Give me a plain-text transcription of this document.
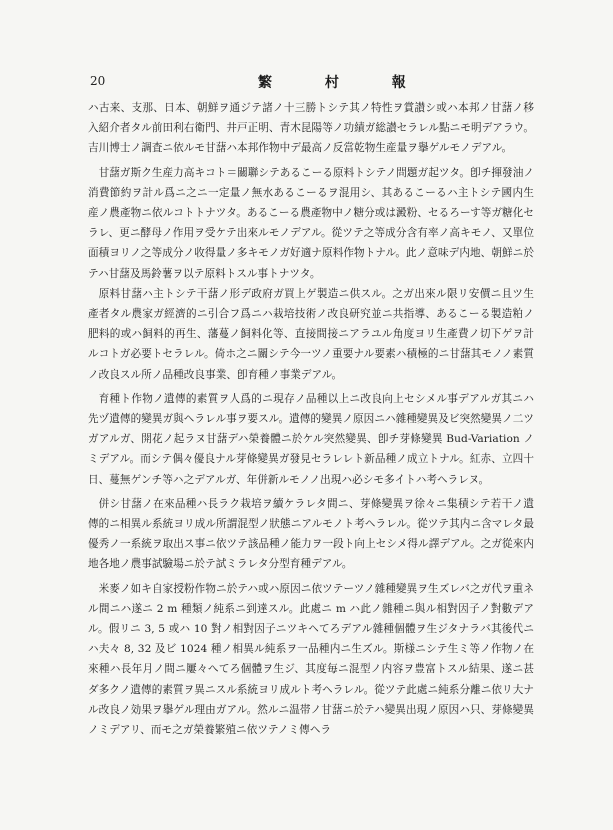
20	繁 村 報

ハ古来、支那、日本、朝鮮ヲ通ジテ諸ノ十三勝トシテ其ノ特性ヲ賞讃シ或ハ本邦ノ甘藷ノ移入紹介者タル前田利右衛門、井戸正明、青木昆陽等ノ功績ガ総讃セラレル點ニモ明デアラウ。吉川博士ノ調査ニ依ルモ甘藷ハ本邦作物中デ最高ノ反當乾物生産量ヲ擧ゲルモノデアル。

甘藷ガ斯ク生産力高キコト＝關聯シテあるこーる原料トシテノ問題ガ起ツタ。卽チ揮發油ノ消費節約ヲ計ル爲ニ之ニ一定量ノ無水あるこーるヲ混用シ、其あるこーるハ主トシテ國内生産ノ農產物ニ依ルコトトナツタ。あるこーる農產物中ノ糖分或は澱粉、セるろーす等ガ糖化セラレ、更ニ酵母ノ作用ヲ受ケテ出來ルモノデアル。從ツテ之等成分含有率ノ高キモノ、又單位面積ヨリノ之等成分ノ收得量ノ多キモノガ好適ナ原料作物トナル。此ノ意味デ内地、朝鮮ニ於テハ甘藷及馬鈴薯ヲ以テ原料トスル事トナツタ。

原料甘藷ハ主トシテ干藷ノ形デ政府ガ買上ゲ製造ニ供スル。之ガ出來ル限リ安價ニ且ツ生產者タル農家ガ經濟的ニ引合フ爲ニハ栽培技術ノ改良研究並ニ共指導、あるこーる製造粕ノ肥料的或ハ飼料的再生、藩蔓ノ飼料化等、直接間接ニアラユル角度ヨリ生產費ノ切下ゲヲ計ルコトガ必要トセラレル。倚ホ之ニ關シテ今一ツノ重要ナル要素ハ積極的ニ甘藷其モノノ素質ノ改良スル所ノ品種改良事業、卽育種ノ事業デアル。

育種ト作物ノ遺傳的素質ヲ人爲的ニ現存ノ品種以上ニ改良向上セシメル事デアルガ其ニハ先ヅ遺傳的變異ガ與ヘラレル事ヲ要スル。遺傳的變異ノ原因ニハ雜種變異及ビ突然變異ノ二ツガアルガ、開花ノ起ラヌ甘藷デハ榮養體ニ於ケル突然變異、卽チ芽條變異 Bud-Variation ノミデアル。而シテ偶々優良ナル芽條變異ガ發見セラレレト新品種ノ成立トナル。紅赤、立四十日、蔓無ゲンチ等ハ之デアルガ、年併新ルモノノ出現ハ必シモ多イトハ考ヘラレヌ。

併シ甘藷ノ在來品種ハ長ラク栽培ヲ續ケラレタ間ニ、芽條變異ヲ徐々ニ集積シテ若干ノ遺傳的ニ相異ル系統ヨリ成ル所謂混型ノ狀態ニアルモノト考ヘラレル。從ツテ其内ニ含マレタ最優秀ノ一系統ヲ取出ス事ニ依ツテ該品種ノ能力ヲ一段ト向上セシメ得ル譯デアル。之ガ從來内地各地ノ農事試驗場ニ於テ試ミラレタ分型育種デアル。

米麥ノ如キ自家授粉作物ニ於テハ或ハ原因ニ依ツテーツノ雜種變異ヲ生ズレバ之ガ代ヲ重ネル間ニハ遂ニ 2 m 種類ノ純系ニ到達スル。此處ニ m ハ此ノ雜種ニ與ル相對因子ノ對數デアル。假リニ 3, 5 或ハ 10 對ノ相對因子ニツキヘてろデアル雜種個體ヲ生ジタナラバ其後代ニハ夫々 8, 32 及ビ 1024 種ノ相異ル純系ヲ一品種内ニ生ズル。斯様ニシテ生ミ等ノ作物ノ在來種ハ長年月ノ間ニ屢々へてろ個體ヲ生ジ、其度毎ニ混型ノ内容ヲ豊富トスル結果、遂ニ甚ダ多クノ遺傳的素質ヲ異ニスル系統ヨリ成ルト考ヘラレル。從ツテ此處ニ純系分離ニ依リ大ナル改良ノ効果ヲ擧ゲル理由ガアル。然ルニ温帯ノ甘藷ニ於テハ變異出現ノ原因ハ只、芽條變異ノミデアリ、而モ之ガ榮養繁殖ニ依ツテノミ傳ヘラ
